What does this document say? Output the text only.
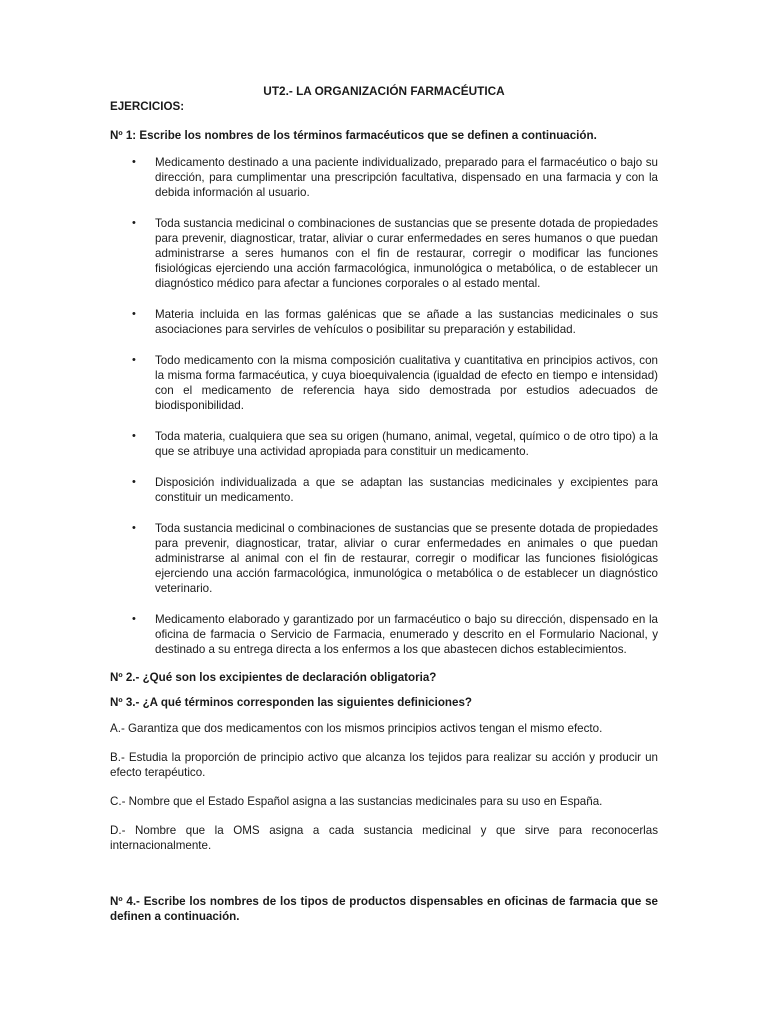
UT2.- LA ORGANIZACIÓN FARMACÉUTICA

EJERCICIOS:

Nº 1: Escribe los nombres de los términos farmacéuticos que se definen a continuación.

• Medicamento destinado a una paciente individualizado, preparado para el farmacéutico o bajo su dirección, para cumplimentar una prescripción facultativa, dispensado en una farmacia y con la debida información al usuario.
• Toda sustancia medicinal o combinaciones de sustancias que se presente dotada de propiedades para prevenir, diagnosticar, tratar, aliviar o curar enfermedades en seres humanos o que puedan administrarse a seres humanos con el fin de restaurar, corregir o modificar las funciones fisiológicas ejerciendo una acción farmacológica, inmunológica o metabólica, o de establecer un diagnóstico médico para afectar a funciones corporales o al estado mental.
• Materia incluida en las formas galénicas que se añade a las sustancias medicinales o sus asociaciones para servirles de vehículos o posibilitar su preparación y estabilidad.
• Todo medicamento con la misma composición cualitativa y cuantitativa en principios activos, con la misma forma farmacéutica, y cuya bioequivalencia (igualdad de efecto en tiempo e intensidad) con el medicamento de referencia haya sido demostrada por estudios adecuados de biodisponibilidad.
• Toda materia, cualquiera que sea su origen (humano, animal, vegetal, químico o de otro tipo) a la que se atribuye una actividad apropiada para constituir un medicamento.
• Disposición individualizada a que se adaptan las sustancias medicinales y excipientes para constituir un medicamento.
• Toda sustancia medicinal o combinaciones de sustancias que se presente dotada de propiedades para prevenir, diagnosticar, tratar, aliviar o curar enfermedades en animales o que puedan administrarse al animal con el fin de restaurar, corregir o modificar las funciones fisiológicas ejerciendo una acción farmacológica, inmunológica o metabólica o de establecer un diagnóstico veterinario.
• Medicamento elaborado y garantizado por un farmacéutico o bajo su dirección, dispensado en la oficina de farmacia o Servicio de Farmacia, enumerado y descrito en el Formulario Nacional, y destinado a su entrega directa a los enfermos a los que abastecen dichos establecimientos.

Nº 2.- ¿Qué son los excipientes de declaración obligatoria?

Nº 3.- ¿A qué términos corresponden las siguientes definiciones?

A.- Garantiza que dos medicamentos con los mismos principios activos tengan el mismo efecto.

B.- Estudia la proporción de principio activo que alcanza los tejidos para realizar su acción y producir un efecto terapéutico.

C.- Nombre que el Estado Español asigna a las sustancias medicinales para su uso en España.

D.- Nombre que la OMS asigna a cada sustancia medicinal y que sirve para reconocerlas internacionalmente.

Nº 4.- Escribe los nombres de los tipos de productos dispensables en oficinas de farmacia que se definen a continuación.
